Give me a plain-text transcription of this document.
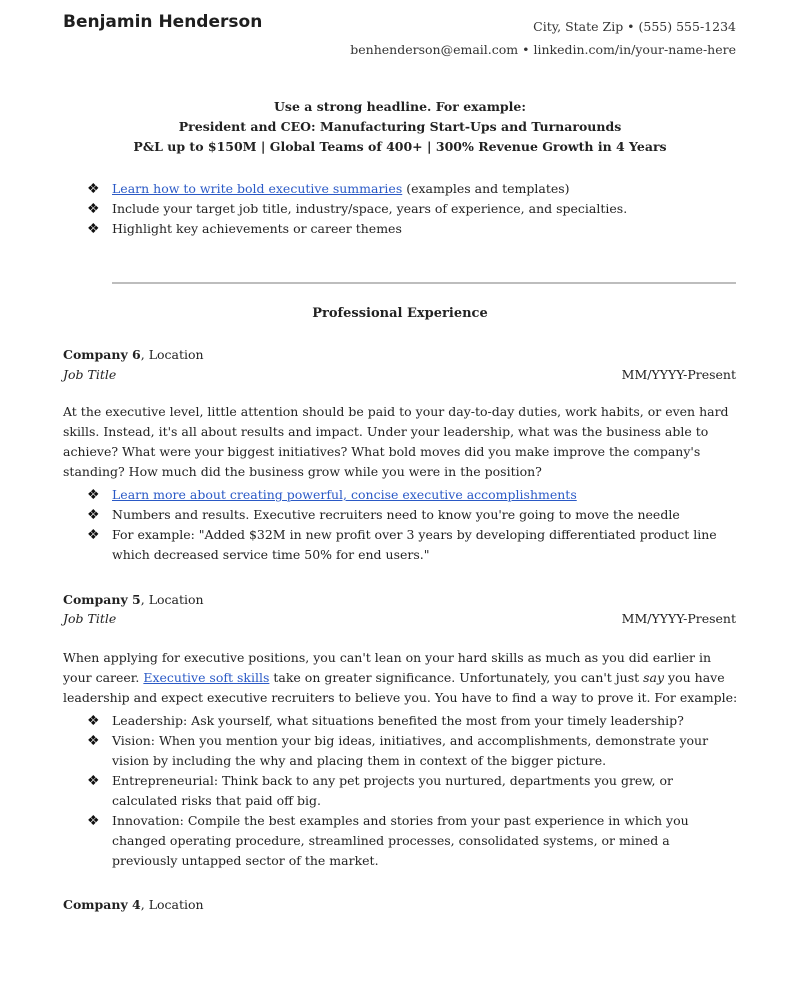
Benjamin Henderson	City, State Zip • (555) 555-1234
benhenderson@email.com • linkedin.com/in/your-name-here
Use a strong headline. For example:
President and CEO: Manufacturing Start-Ups and Turnarounds
P&L up to $150M | Global Teams of 400+ | 300% Revenue Growth in 4 Years
❖ Learn how to write bold executive summaries (examples and templates)
❖ Include your target job title, industry/space, years of experience, and specialties.
❖ Highlight key achievements or career themes
Professional Experience
Company 6, Location
Job Title	MM/YYYY-Present
At the executive level, little attention should be paid to your day-to-day duties, work habits, or even hard skills. Instead, it's all about results and impact. Under your leadership, what was the business able to achieve? What were your biggest initiatives? What bold moves did you make improve the company's standing? How much did the business grow while you were in the position?
❖ Learn more about creating powerful, concise executive accomplishments
❖ Numbers and results. Executive recruiters need to know you're going to move the needle
❖ For example: "Added $32M in new profit over 3 years by developing differentiated product line which decreased service time 50% for end users."
Company 5, Location
Job Title	MM/YYYY-Present
When applying for executive positions, you can't lean on your hard skills as much as you did earlier in your career. Executive soft skills take on greater significance. Unfortunately, you can't just say you have leadership and expect executive recruiters to believe you. You have to find a way to prove it. For example:
❖ Leadership: Ask yourself, what situations benefited the most from your timely leadership?
❖ Vision: When you mention your big ideas, initiatives, and accomplishments, demonstrate your vision by including the why and placing them in context of the bigger picture.
❖ Entrepreneurial: Think back to any pet projects you nurtured, departments you grew, or calculated risks that paid off big.
❖ Innovation: Compile the best examples and stories from your past experience in which you changed operating procedure, streamlined processes, consolidated systems, or mined a previously untapped sector of the market.
Company 4, Location
